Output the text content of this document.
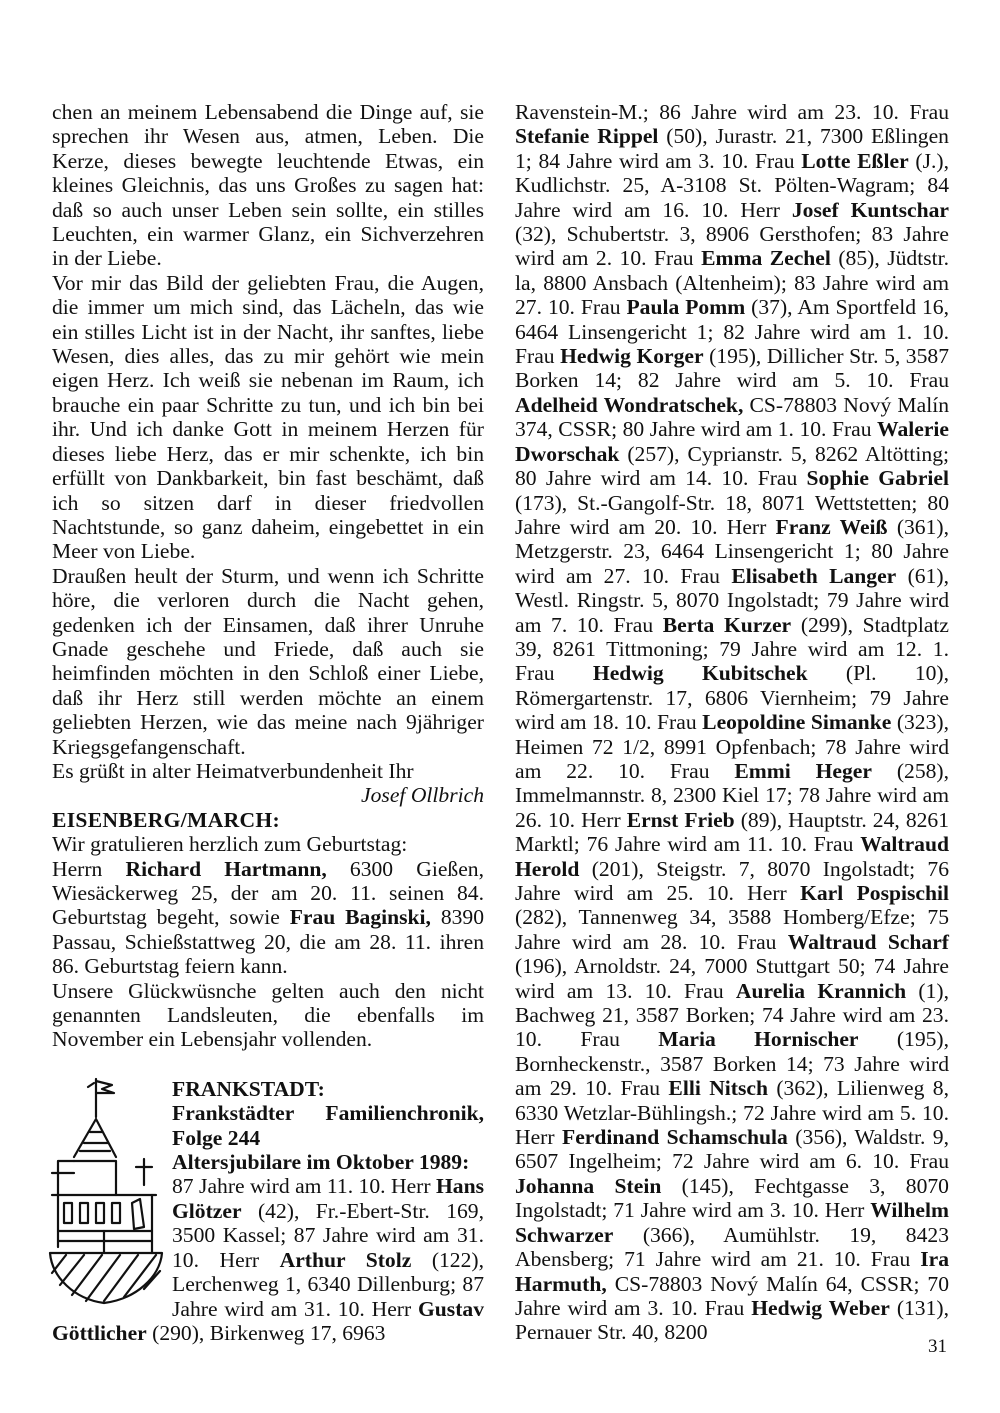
chen an meinem Lebensabend die Dinge auf, sie sprechen ihr Wesen aus, atmen, Leben. Die Kerze, dieses bewegte leuchtende Etwas, ein kleines Gleichnis, das uns Großes zu sagen hat: daß so auch unser Leben sein sollte, ein stilles Leuchten, ein warmer Glanz, ein Sichverzehren in der Liebe.

Vor mir das Bild der geliebten Frau, die Augen, die immer um mich sind, das Lächeln, das wie ein stilles Licht ist in der Nacht, ihr sanftes, liebe Wesen, dies alles, das zu mir gehört wie mein eigen Herz. Ich weiß sie nebenan im Raum, ich brauche ein paar Schritte zu tun, und ich bin bei ihr. Und ich danke Gott in meinem Herzen für dieses liebe Herz, das er mir schenkte, ich bin erfüllt von Dankbarkeit, bin fast beschämt, daß ich so sitzen darf in dieser friedvollen Nachtstunde, so ganz daheim, eingebettet in ein Meer von Liebe.

Draußen heult der Sturm, und wenn ich Schritte höre, die verloren durch die Nacht gehen, gedenken ich der Einsamen, daß ihrer Unruhe Gnade geschehe und Friede, daß auch sie heimfinden möchten in den Schloß einer Liebe, daß ihr Herz still werden möchte an einem geliebten Herzen, wie das meine nach 9jähriger Kriegsgefangenschaft.

Es grüßt in alter Heimatverbundenheit Ihr

Josef Ollbrich

EISENBERG/MARCH:

Wir gratulieren herzlich zum Geburtstag:

Herrn Richard Hartmann, 6300 Gießen, Wiesäckerweg 25, der am 20. 11. seinen 84. Geburtstag begeht, sowie Frau Baginski, 8390 Passau, Schießstattweg 20, die am 28. 11. ihren 86. Geburtstag feiern kann.

Unsere Glückwüsnche gelten auch den nicht genannten Landsleuten, die ebenfalls im November ein Lebensjahr vollenden.

FRANKSTADT:

Frankstädter Familienchronik,

Folge 244

Altersjubilare im Oktober 1989:

87 Jahre wird am 11. 10. Herr Hans Glötzer (42), Fr.-Ebert-Str. 169, 3500 Kassel; 87 Jahre wird am 31. 10. Herr Arthur Stolz (122), Lerchenweg 1, 6340 Dillenburg; 87 Jahre wird am 31. 10. Herr Gustav Göttlicher (290), Birkenweg 17, 6963

Ravenstein-M.; 86 Jahre wird am 23. 10. Frau Stefanie Rippel (50), Jurastr. 21, 7300 Eßlingen 1; 84 Jahre wird am 3. 10. Frau Lotte Eßler (J.), Kudlichstr. 25, A-3108 St. Pölten-Wagram; 84 Jahre wird am 16. 10. Herr Josef Kuntschar (32), Schubertstr. 3, 8906 Gersthofen; 83 Jahre wird am 2. 10. Frau Emma Zechel (85), Jüdtstr. la, 8800 Ansbach (Altenheim); 83 Jahre wird am 27. 10. Frau Paula Pomm (37), Am Sportfeld 16, 6464 Linsengericht 1; 82 Jahre wird am 1. 10. Frau Hedwig Korger (195), Dillicher Str. 5, 3587 Borken 14; 82 Jahre wird am 5. 10. Frau Adelheid Wondratschek, CS-78803 Nový Malín 374, CSSR; 80 Jahre wird am 1. 10. Frau Walerie Dworschak (257), Cyprianstr. 5, 8262 Altötting; 80 Jahre wird am 14. 10. Frau Sophie Gabriel (173), St.-Gangolf-Str. 18, 8071 Wettstetten; 80 Jahre wird am 20. 10. Herr Franz Weiß (361), Metzgerstr. 23, 6464 Linsengericht 1; 80 Jahre wird am 27. 10. Frau Elisabeth Langer (61), Westl. Ringstr. 5, 8070 Ingolstadt; 79 Jahre wird am 7. 10. Frau Berta Kurzer (299), Stadtplatz 39, 8261 Tittmoning; 79 Jahre wird am 12. 1. Frau Hedwig Kubitschek (Pl. 10), Römergartenstr. 17, 6806 Viernheim; 79 Jahre wird am 18. 10. Frau Leopoldine Simanke (323), Heimen 72 1/2, 8991 Opfenbach; 78 Jahre wird am 22. 10. Frau Emmi Heger (258), Immelmannstr. 8, 2300 Kiel 17; 78 Jahre wird am 26. 10. Herr Ernst Frieb (89), Hauptstr. 24, 8261 Marktl; 76 Jahre wird am 11. 10. Frau Waltraud Herold (201), Steigstr. 7, 8070 Ingolstadt; 76 Jahre wird am 25. 10. Herr Karl Pospischil (282), Tannenweg 34, 3588 Homberg/Efze; 75 Jahre wird am 28. 10. Frau Waltraud Scharf (196), Arnoldstr. 24, 7000 Stuttgart 50; 74 Jahre wird am 13. 10. Frau Aurelia Krannich (1), Bachweg 21, 3587 Borken; 74 Jahre wird am 23. 10. Frau Maria Hornischer (195), Bornheckenstr., 3587 Borken 14; 73 Jahre wird am 29. 10. Frau Elli Nitsch (362), Lilienweg 8, 6330 Wetzlar-Bühlingsh.; 72 Jahre wird am 5. 10. Herr Ferdinand Schamschula (356), Waldstr. 9, 6507 Ingelheim; 72 Jahre wird am 6. 10. Frau Johanna Stein (145), Fechtgasse 3, 8070 Ingolstadt; 71 Jahre wird am 3. 10. Herr Wilhelm Schwarzer (366), Aumühlstr. 19, 8423 Abensberg; 71 Jahre wird am 21. 10. Frau Ira Harmuth, CS-78803 Nový Malín 64, CSSR; 70 Jahre wird am 3. 10. Frau Hedwig Weber (131), Pernauer Str. 40, 8200

31
